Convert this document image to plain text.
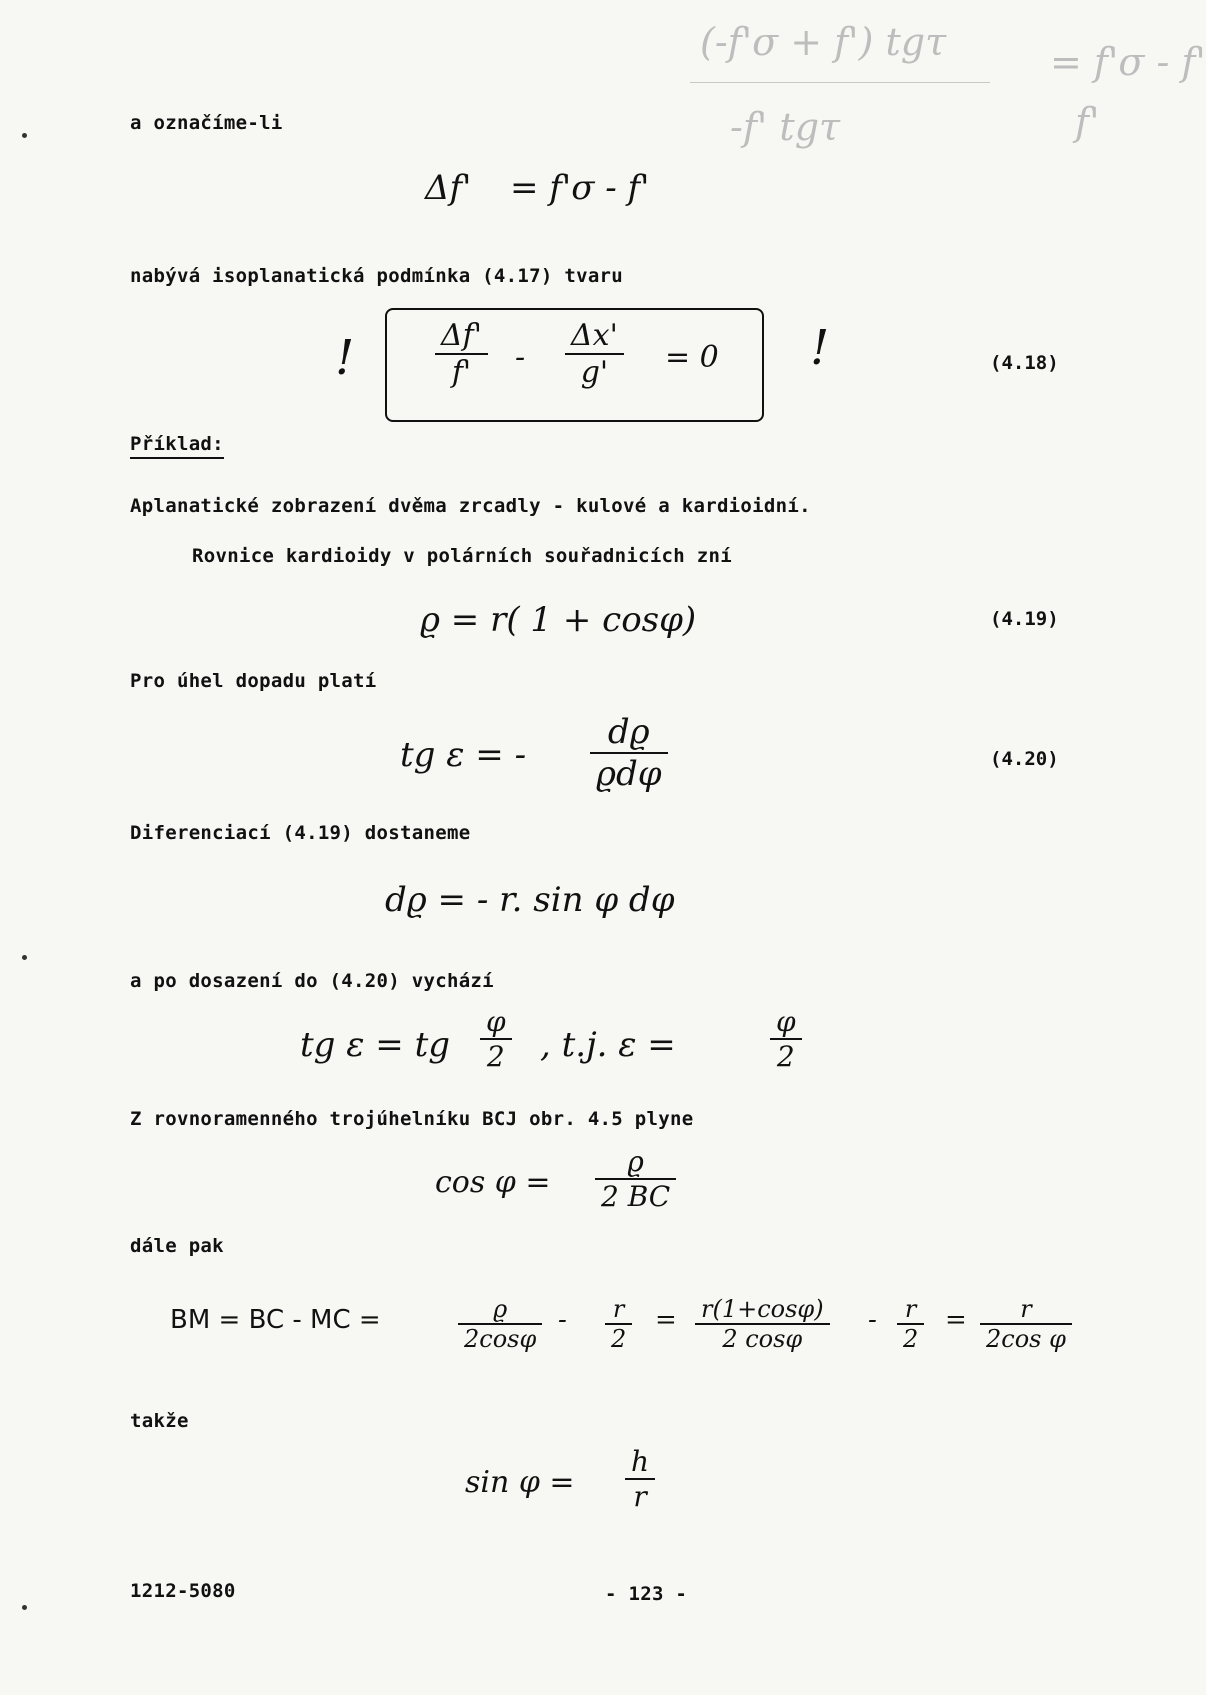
(-f'σ + f') tgτ	= f'σ - f'
-f' tgτ	f'
a označíme-li
Δf' = f'σ - f'
nabývá isoplanatická podmínka (4.17) tvaru
$\frac{\Delta f'}{f'} - \frac{\Delta x'}{g'} = 0$
!	!	(4.18)
Příklad:
Aplanatické zobrazení dvěma zrcadly - kulové a kardioidní.
Rovnice kardioidy v polárních souřadnicích zní
ϱ = r( 1 + cosφ)	(4.19)
Pro úhel dopadu platí
tg ε = -
dϱ
ϱdφ	(4.20)
Diferenciací (4.19) dostaneme
dϱ = - r. sin φ dφ
a po dosazení do (4.20) vychází
tg ε = tg $\frac{\varphi}{2}$ , t.j. ε =	$\frac{\varphi}{2}$
Z rovnoramenného trojúhelníku BCJ obr. 4.5 plyne
$\cos \varphi = \frac{ϱ}{2 BC}$
dále pak
BM = BC - MC =	$\frac{ϱ}{2\cos\varphi} - \frac{r}{2} = \frac{r(1+\cos\varphi)}{2 \cos\varphi} - \frac{r}{2} = \frac{r}{\text{2cos φ}}$
takže
$\sin \varphi = \frac{h}{r}$
1212-5080	- 123 -
